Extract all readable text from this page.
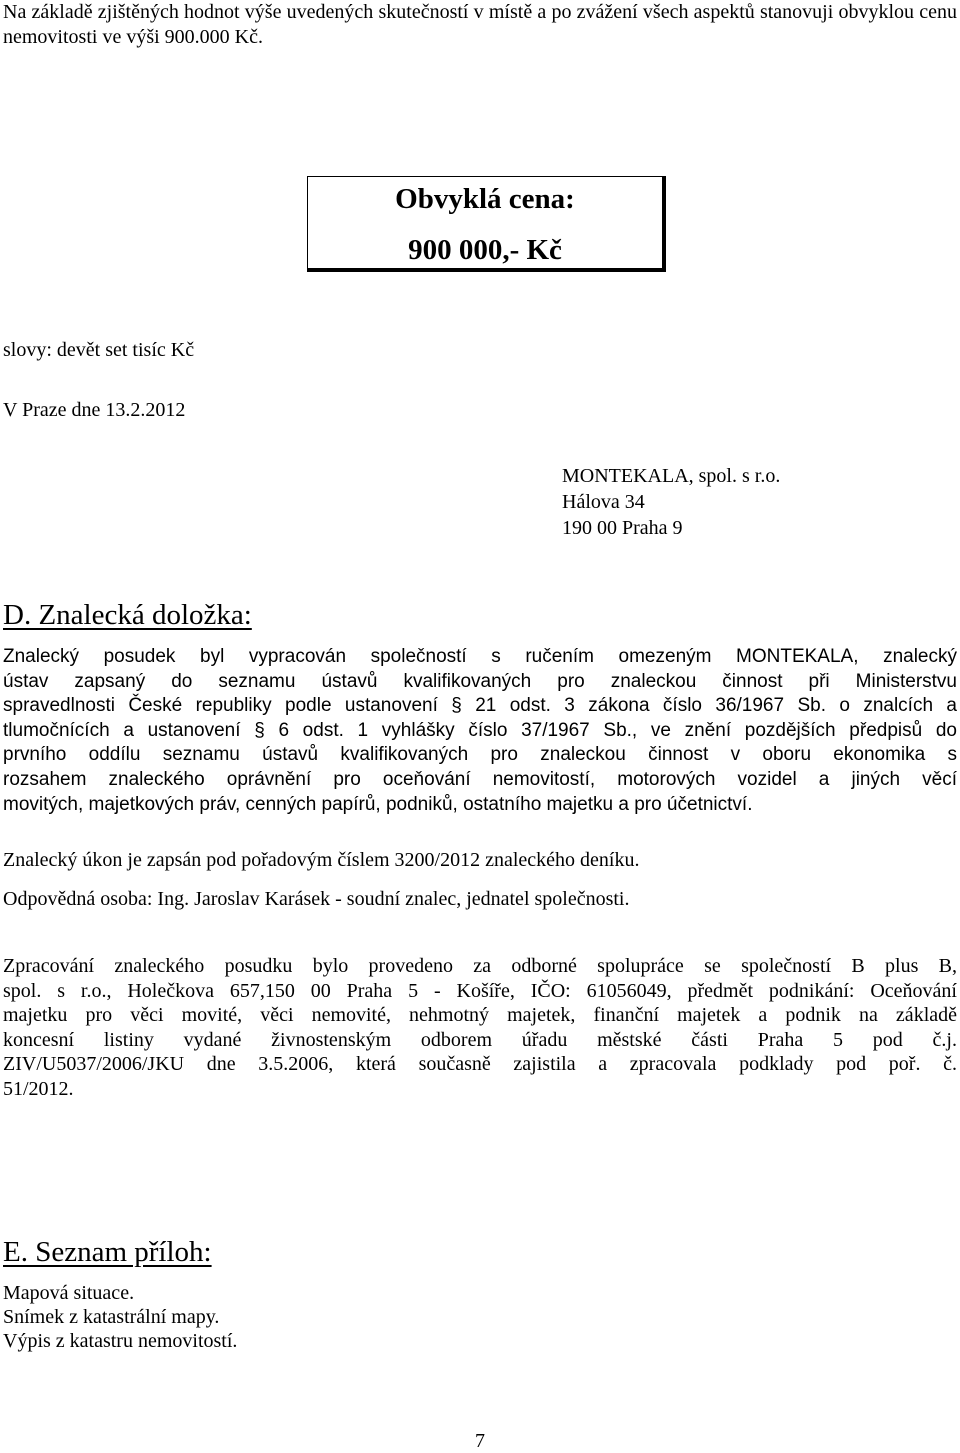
Na základě zjištěných hodnot výše uvedených skutečností v místě a po zvážení všech aspektů stanovuji obvyklou cenu nemovitosti ve výši 900.000 Kč.

Obvyklá cena:
900 000,- Kč

slovy: devět set tisíc Kč

V Praze dne 13.2.2012

MONTEKALA, spol. s r.o.
Hálova 34
190 00 Praha 9
D. Znalecká doložka:
Znalecký posudek byl vypracován společností s ručením omezeným MONTEKALA, znalecký
ústav zapsaný do seznamu ústavů kvalifikovaných pro znaleckou činnost při Ministerstvu
spravedlnosti České republiky podle ustanovení § 21 odst. 3 zákona číslo 36/1967 Sb. o znalcích a
tlumočnících a ustanovení § 6 odst. 1 vyhlášky číslo 37/1967 Sb., ve znění pozdějších předpisů do
prvního oddílu seznamu ústavů kvalifikovaných pro znaleckou činnost v oboru ekonomika s
rozsahem znaleckého oprávnění pro oceňování nemovitostí, motorových vozidel a jiných věcí
movitých, majetkových práv, cenných papírů, podniků, ostatního majetku a pro účetnictví.

Znalecký úkon je zapsán pod pořadovým číslem 3200/2012 znaleckého deníku.

Odpovědná osoba: Ing. Jaroslav Karásek - soudní znalec, jednatel společnosti.

Zpracování znaleckého posudku bylo provedeno za odborné spolupráce se společností B plus B,
spol. s r.o., Holečkova 657,150 00 Praha 5 - Košíře, IČO: 61056049, předmět podnikání: Oceňování
majetku pro věci movité, věci nemovité, nehmotný majetek, finanční majetek a podnik na základě
koncesní listiny vydané živnostenským odborem úřadu městské části Praha 5 pod č.j.
ZIV/U5037/2006/JKU dne 3.5.2006, která současně zajistila a zpracovala podklady pod poř. č.
51/2012.
E. Seznam příloh:
Mapová situace.
Snímek z katastrální mapy.
Výpis z katastru nemovitostí.
7
